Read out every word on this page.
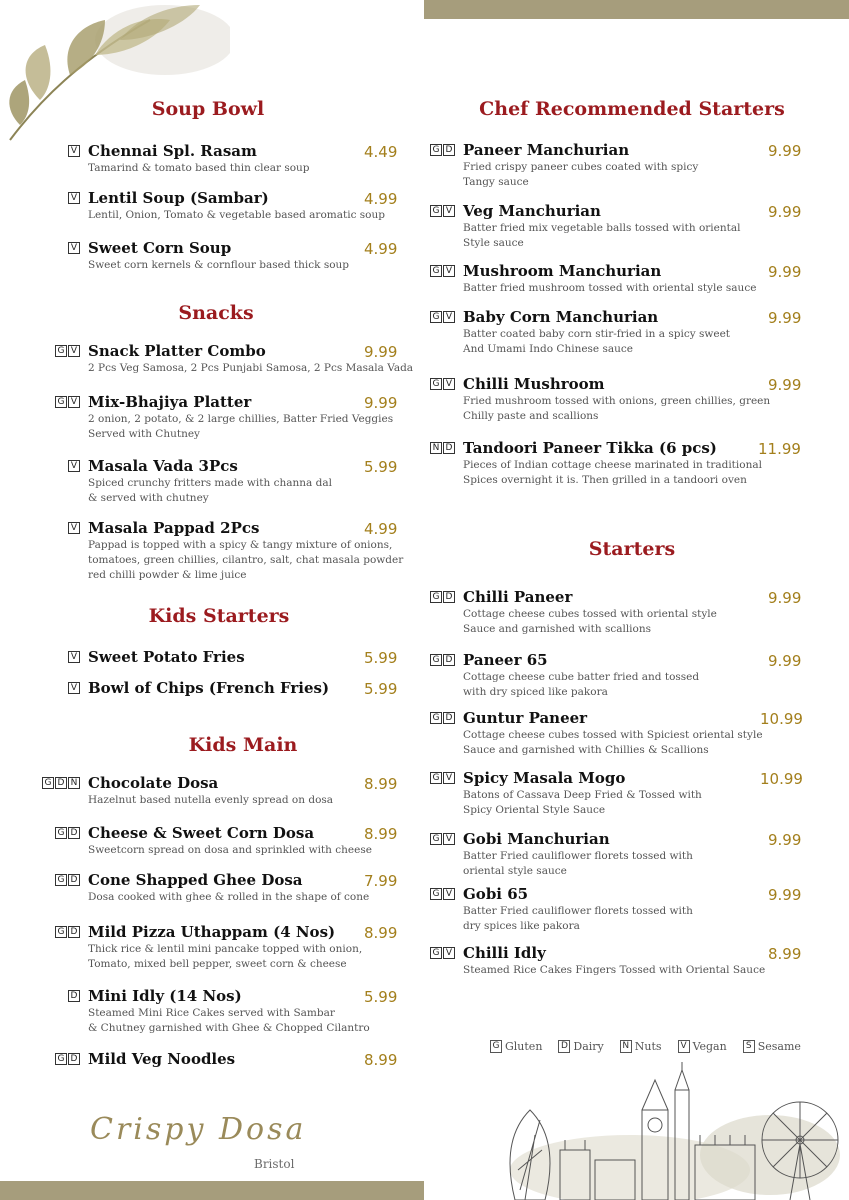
Soup Bowl
Snacks
Kids Starters
Kids Main
Chef Recommended Starters
Starters
V Chennai Spl. Rasam
Tamarind & tomato based thin clear soup
4.49
V Lentil Soup (Sambar)
Lentil, Onion, Tomato & vegetable based aromatic soup
4.99
V Sweet Corn Soup
Sweet corn kernels & cornflour based thick soup
4.99
G V Snack Platter Combo
2 Pcs Veg Samosa, 2 Pcs Punjabi Samosa, 2 Pcs Masala Vada
9.99
G V Mix-Bhajiya Platter
2 onion, 2 potato, & 2 large chillies, Batter Fried Veggies
Served with Chutney
9.99
V Masala Vada 3Pcs
Spiced crunchy fritters made with channa dal
& served with chutney
5.99
V Masala Pappad 2Pcs
Pappad is topped with a spicy & tangy mixture of onions,
tomatoes, green chillies, cilantro, salt, chat masala powder
red chilli powder & lime juice
4.99
V Sweet Potato Fries	5.99
V Bowl of Chips (French Fries) 5.99
G D N Chocolate Dosa
Hazelnut based nutella evenly spread on dosa
8.99
G D Cheese & Sweet Corn Dosa
Sweetcorn spread on dosa and sprinkled with cheese
8.99
G D Cone Shapped Ghee Dosa
Dosa cooked with ghee & rolled in the shape of cone
7.99
G D Mild Pizza Uthappam (4 Nos)
Thick rice & lentil mini pancake topped with onion,
Tomato, mixed bell pepper, sweet corn & cheese
8.99
D Mini Idly (14 Nos)
Steamed Mini Rice Cakes served with Sambar
& Chutney garnished with Ghee & Chopped Cilantro
5.99
G D Mild Veg Noodles	8.99
G D Paneer Manchurian
Fried crispy paneer cubes coated with spicy
Tangy sauce
9.99
G V Veg Manchurian
Batter fried mix vegetable balls tossed with oriental
Style sauce
9.99
G V Mushroom Manchurian
Batter fried mushroom tossed with oriental style sauce
9.99
G V Baby Corn Manchurian
Batter coated baby corn stir-fried in a spicy sweet
And Umami Indo Chinese sauce
9.99
G V Chilli Mushroom
Fried mushroom tossed with onions, green chillies, green
Chilly paste and scallions
9.99
N D Tandoori Paneer Tikka (6 pcs)
Pieces of Indian cottage cheese marinated in traditional
Spices overnight it is. Then grilled in a tandoori oven
11.99
G D Chilli Paneer
Cottage cheese cubes tossed with oriental style
Sauce and garnished with scallions
9.99
G D Paneer 65
Cottage cheese cube batter fried and tossed
with dry spiced like pakora
9.99
G D Guntur Paneer
Cottage cheese cubes tossed with Spiciest oriental style
Sauce and garnished with Chillies & Scallions
10.99
G V Spicy Masala Mogo
Batons of Cassava Deep Fried & Tossed with
Spicy Oriental Style Sauce
10.99
G V Gobi Manchurian
Batter Fried cauliflower florets tossed with
oriental style sauce
9.99
G V Gobi 65
Batter Fried cauliflower florets tossed with
dry spices like pakora
9.99
G V Chilli Idly
Steamed Rice Cakes Fingers Tossed with Oriental Sauce
8.99
G Gluten D Dairy N Nuts	V Vegan	S Sesame
Crispy Dosa
Bristol
